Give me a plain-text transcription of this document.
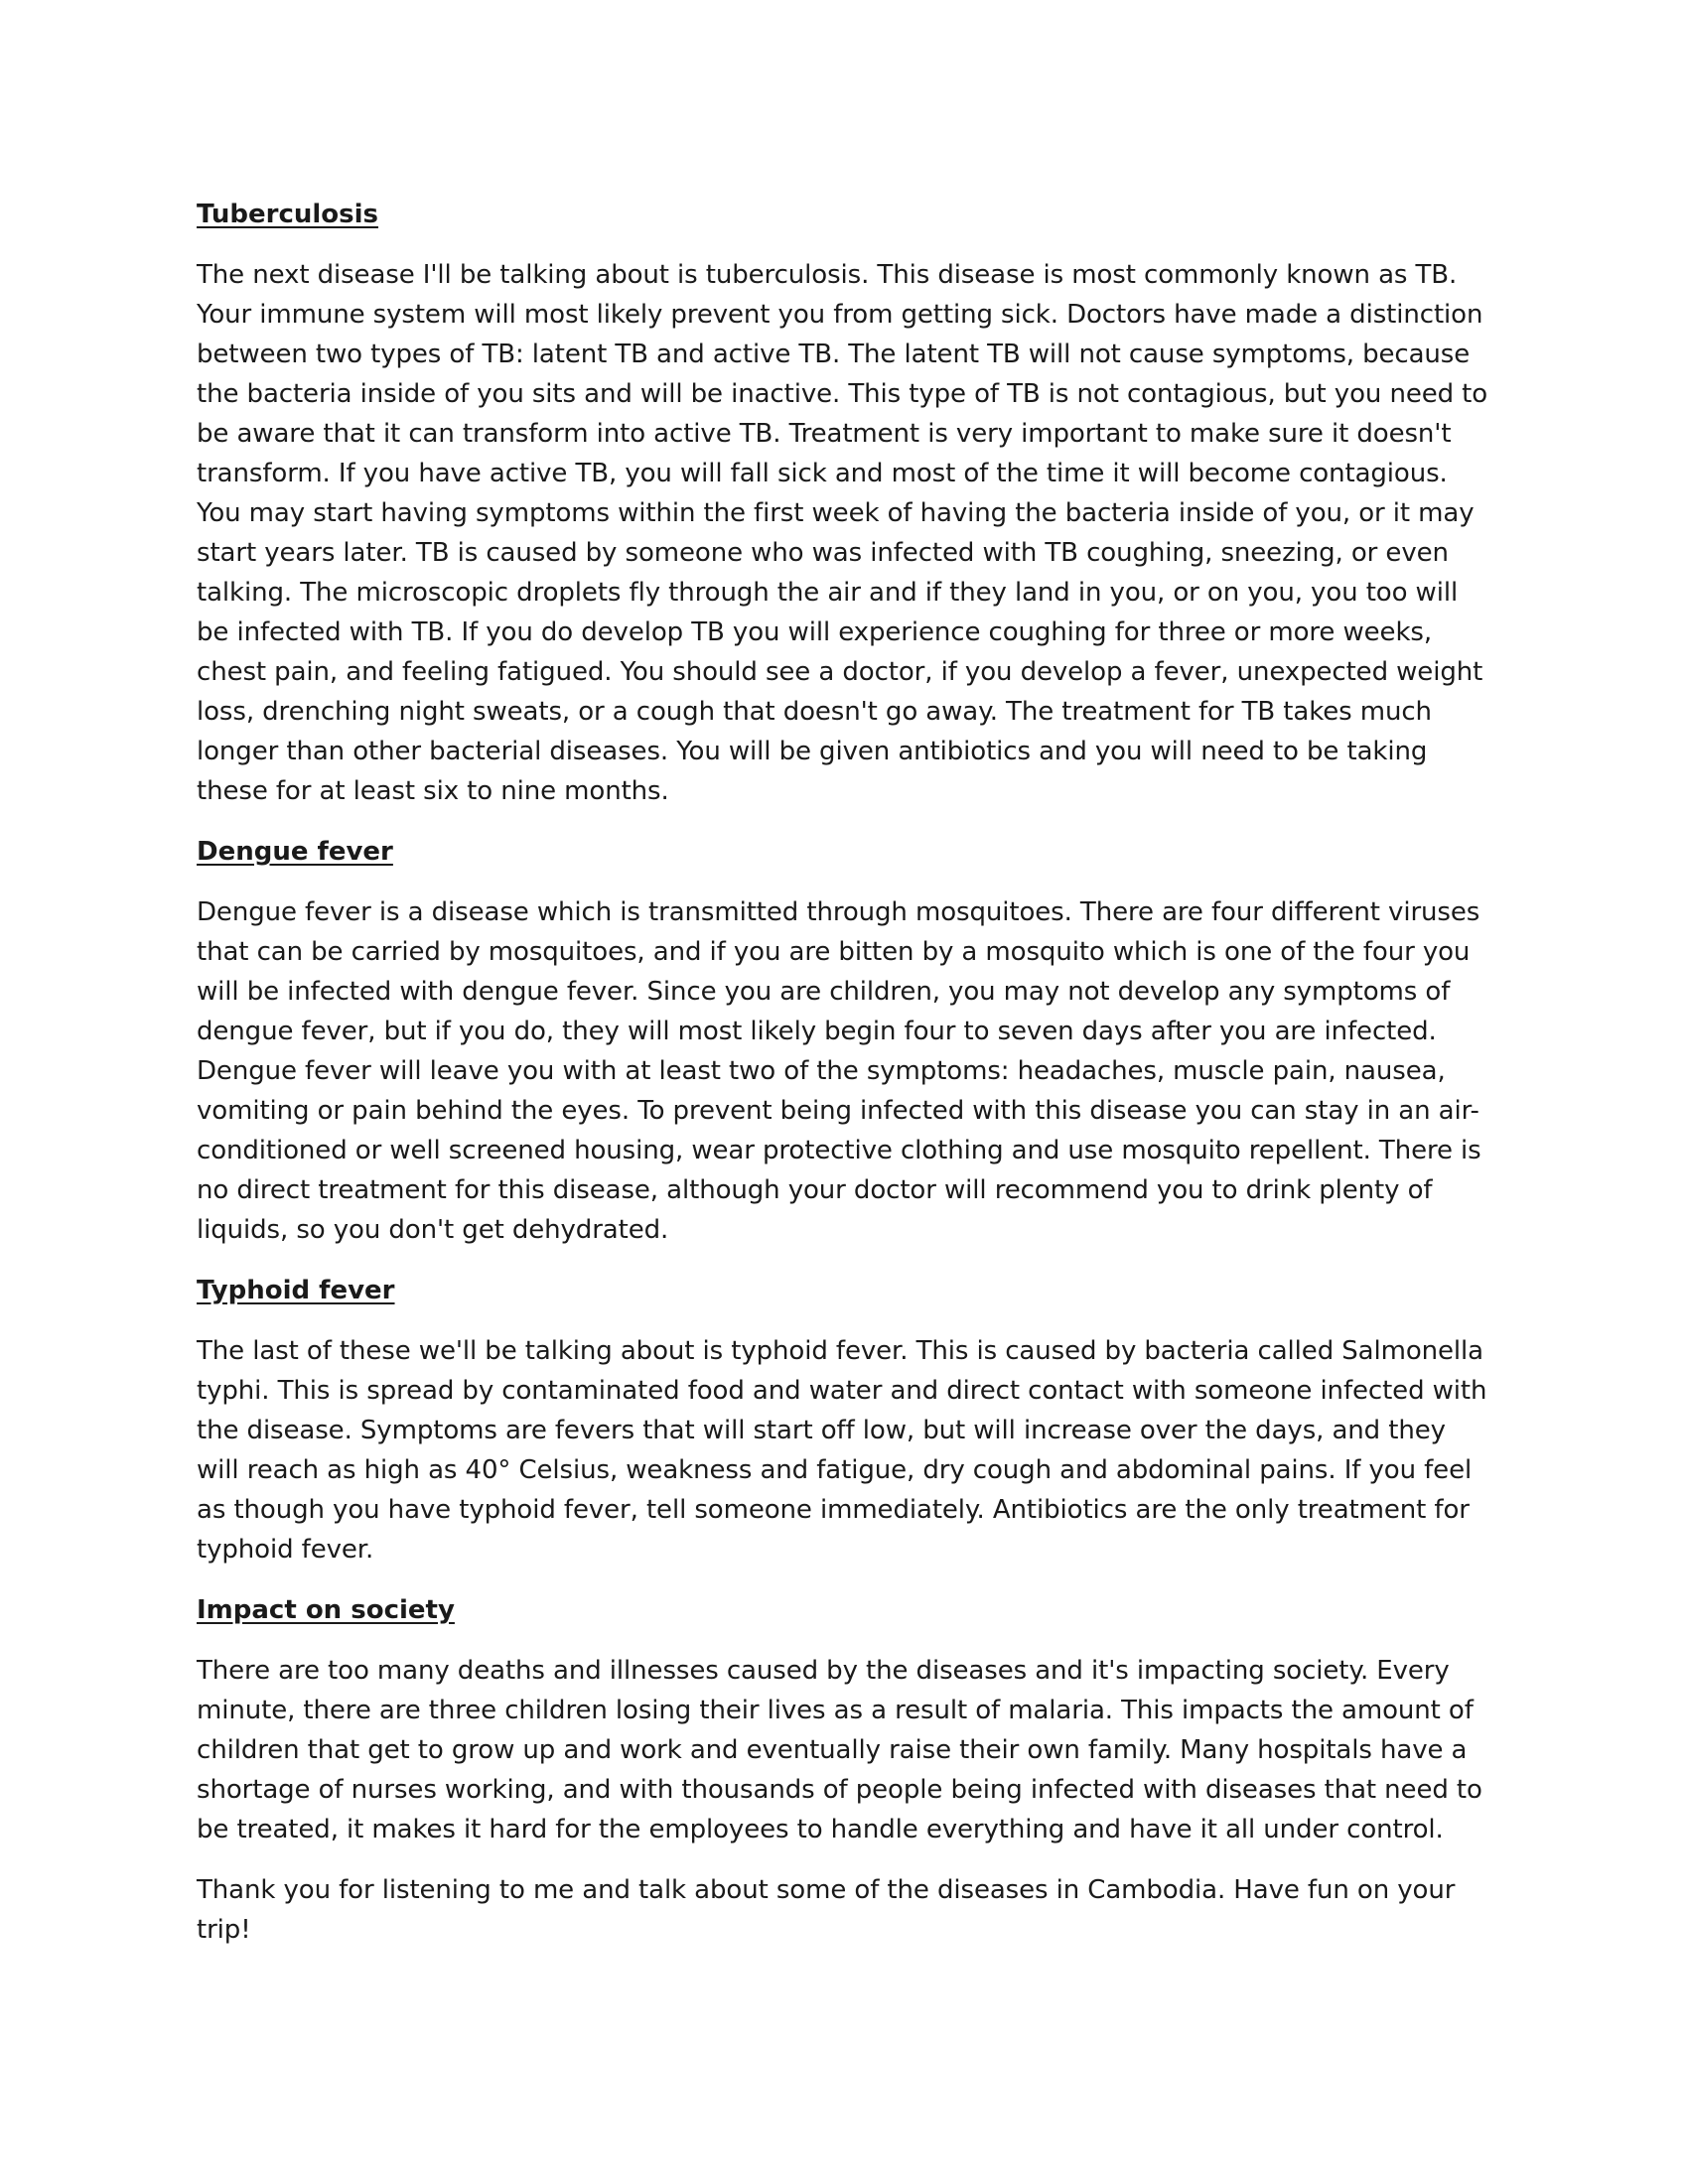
Tuberculosis

The next disease I'll be talking about is tuberculosis. This disease is most commonly known as TB. Your immune system will most likely prevent you from getting sick. Doctors have made a distinction between two types of TB: latent TB and active TB. The latent TB will not cause symptoms, because the bacteria inside of you sits and will be inactive. This type of TB is not contagious, but you need to be aware that it can transform into active TB. Treatment is very important to make sure it doesn't transform. If you have active TB, you will fall sick and most of the time it will become contagious. You may start having symptoms within the first week of having the bacteria inside of you, or it may start years later. TB is caused by someone who was infected with TB coughing, sneezing, or even talking. The microscopic droplets fly through the air and if they land in you, or on you, you too will be infected with TB. If you do develop TB you will experience coughing for three or more weeks, chest pain, and feeling fatigued. You should see a doctor, if you develop a fever, unexpected weight loss, drenching night sweats, or a cough that doesn't go away. The treatment for TB takes much longer than other bacterial diseases. You will be given antibiotics and you will need to be taking these for at least six to nine months.

Dengue fever

Dengue fever is a disease which is transmitted through mosquitoes. There are four different viruses that can be carried by mosquitoes, and if you are bitten by a mosquito which is one of the four you will be infected with dengue fever. Since you are children, you may not develop any symptoms of dengue fever, but if you do, they will most likely begin four to seven days after you are infected. Dengue fever will leave you with at least two of the symptoms: headaches, muscle pain, nausea, vomiting or pain behind the eyes. To prevent being infected with this disease you can stay in an air-conditioned or well screened housing, wear protective clothing and use mosquito repellent. There is no direct treatment for this disease, although your doctor will recommend you to drink plenty of liquids, so you don't get dehydrated.

Typhoid fever

The last of these we'll be talking about is typhoid fever. This is caused by bacteria called Salmonella typhi. This is spread by contaminated food and water and direct contact with someone infected with the disease. Symptoms are fevers that will start off low, but will increase over the days, and they will reach as high as 40° Celsius, weakness and fatigue, dry cough and abdominal pains. If you feel as though you have typhoid fever, tell someone immediately. Antibiotics are the only treatment for typhoid fever.

Impact on society

There are too many deaths and illnesses caused by the diseases and it's impacting society. Every minute, there are three children losing their lives as a result of malaria. This impacts the amount of children that get to grow up and work and eventually raise their own family. Many hospitals have a shortage of nurses working, and with thousands of people being infected with diseases that need to be treated, it makes it hard for the employees to handle everything and have it all under control.

Thank you for listening to me and talk about some of the diseases in Cambodia. Have fun on your trip!
